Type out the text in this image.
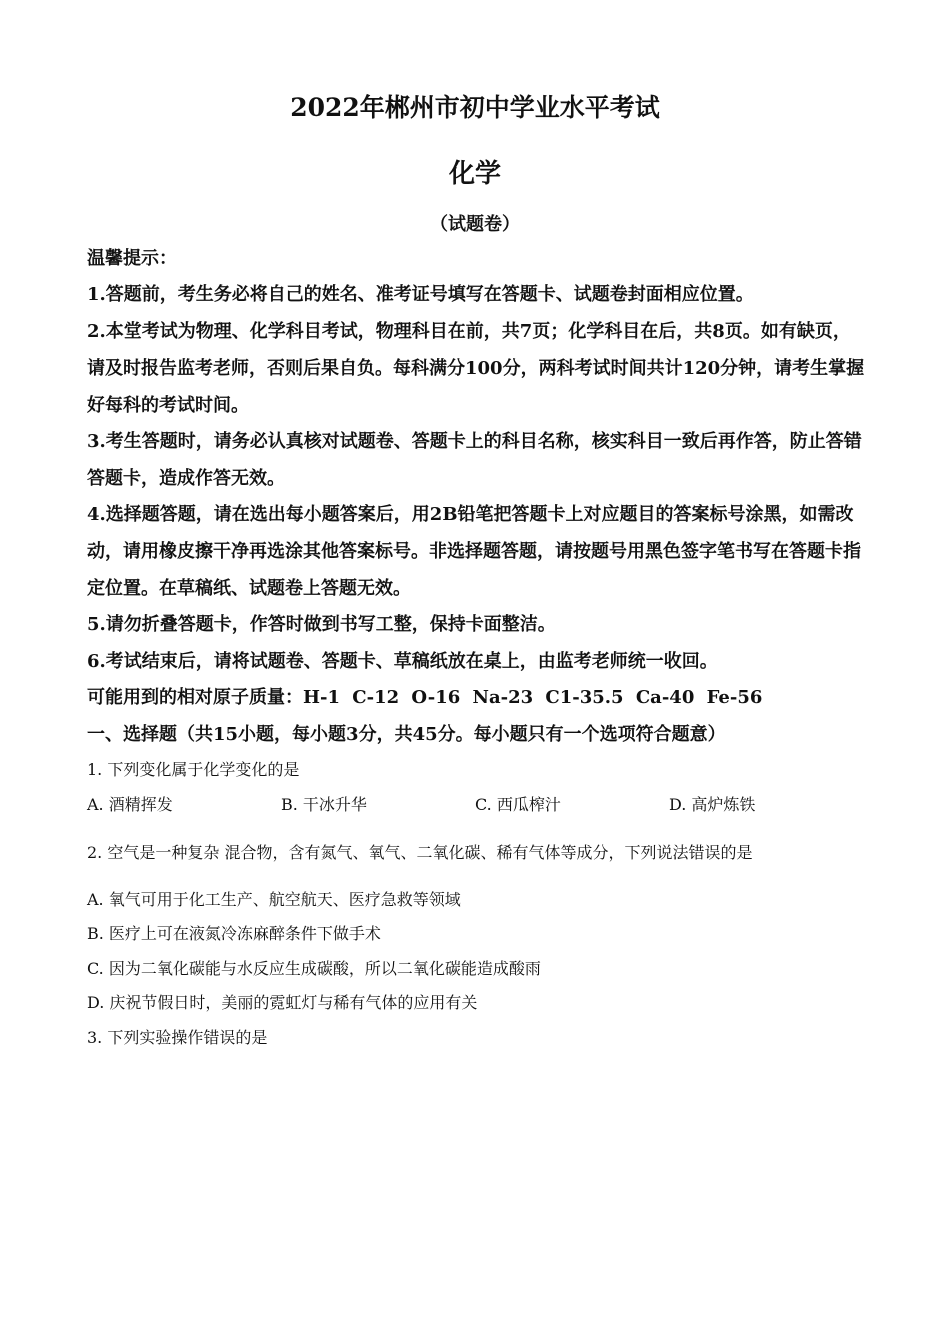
2022年郴州市初中学业水平考试
化学
（试题卷）
温馨提示：
1.答题前，考生务必将自己的姓名、准考证号填写在答题卡、试题卷封面相应位置。
2.本堂考试为物理、化学科目考试，物理科目在前，共7页；化学科目在后，共8页。如有缺页，请及时报告监考老师，否则后果自负。每科满分100分，两科考试时间共计120分钟，请考生掌握好每科的考试时间。
3.考生答题时，请务必认真核对试题卷、答题卡上的科目名称，核实科目一致后再作答，防止答错答题卡，造成作答无效。
4.选择题答题，请在选出每小题答案后，用2B铅笔把答题卡上对应题目的答案标号涂黑，如需改动，请用橡皮擦干净再选涂其他答案标号。非选择题答题，请按题号用黑色签字笔书写在答题卡指定位置。在草稿纸、试题卷上答题无效。
5.请勿折叠答题卡，作答时做到书写工整，保持卡面整洁。
6.考试结束后，请将试题卷、答题卡、草稿纸放在桌上，由监考老师统一收回。
可能用到的相对原子质量：H-1 C-12 O-16 Na-23 C1-35.5 Ca-40 Fe-56
一、选择题（共15小题，每小题3分，共45分。每小题只有一个选项符合题意）
1. 下列变化属于化学变化的是
A. 酒精挥发	B. 干冰升华	C. 西瓜榨汁	D. 高炉炼铁
2. 空气是一种复杂 混合物，含有氮气、氧气、二氧化碳、稀有气体等成分，下列说法错误的是
A. 氧气可用于化工生产、航空航天、医疗急救等领域
B. 医疗上可在液氮冷冻麻醉条件下做手术
C. 因为二氧化碳能与水反应生成碳酸，所以二氧化碳能造成酸雨
D. 庆祝节假日时，美丽的霓虹灯与稀有气体的应用有关
3. 下列实验操作错误的是
